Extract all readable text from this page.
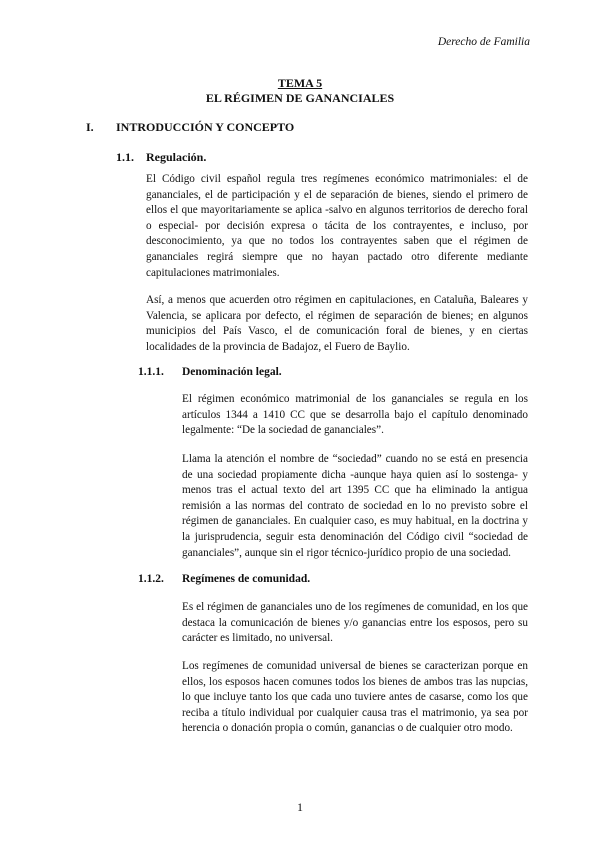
Derecho de Familia
TEMA 5
EL RÉGIMEN DE GANANCIALES
I. INTRODUCCIÓN Y CONCEPTO
1.1. Regulación.

El Código civil español regula tres regímenes económico matrimoniales: el de gananciales, el de participación y el de separación de bienes, siendo el primero de ellos el que mayoritariamente se aplica -salvo en algunos territorios de derecho foral o especial- por decisión expresa o tácita de los contrayentes, e incluso, por desconocimiento, ya que no todos los contrayentes saben que el régimen de gananciales regirá siempre que no hayan pactado otro diferente mediante capitulaciones matrimoniales.

Así, a menos que acuerden otro régimen en capitulaciones, en Cataluña, Baleares y Valencia, se aplicara por defecto, el régimen de separación de bienes; en algunos municipios del País Vasco, el de comunicación foral de bienes, y en ciertas localidades de la provincia de Badajoz, el Fuero de Baylio.

1.1.1. Denominación legal.

El régimen económico matrimonial de los gananciales se regula en los artículos 1344 a 1410 CC que se desarrolla bajo el capítulo denominado legalmente: “De la sociedad de gananciales”.

Llama la atención el nombre de “sociedad” cuando no se está en presencia de una sociedad propiamente dicha -aunque haya quien así lo sostenga- y menos tras el actual texto del art 1395 CC que ha eliminado la antigua remisión a las normas del contrato de sociedad en lo no previsto sobre el régimen de gananciales. En cualquier caso, es muy habitual, en la doctrina y la jurisprudencia, seguir esta denominación del Código civil “sociedad de gananciales”, aunque sin el rigor técnico-jurídico propio de una sociedad.

1.1.2. Regímenes de comunidad.

Es el régimen de gananciales uno de los regímenes de comunidad, en los que destaca la comunicación de bienes y/o ganancias entre los esposos, pero su carácter es limitado, no universal.

Los regímenes de comunidad universal de bienes se caracterizan porque en ellos, los esposos hacen comunes todos los bienes de ambos tras las nupcias, lo que incluye tanto los que cada uno tuviere antes de casarse, como los que reciba a título individual por cualquier causa tras el matrimonio, ya sea por herencia o donación propia o común, ganancias o de cualquier otro modo.

1
